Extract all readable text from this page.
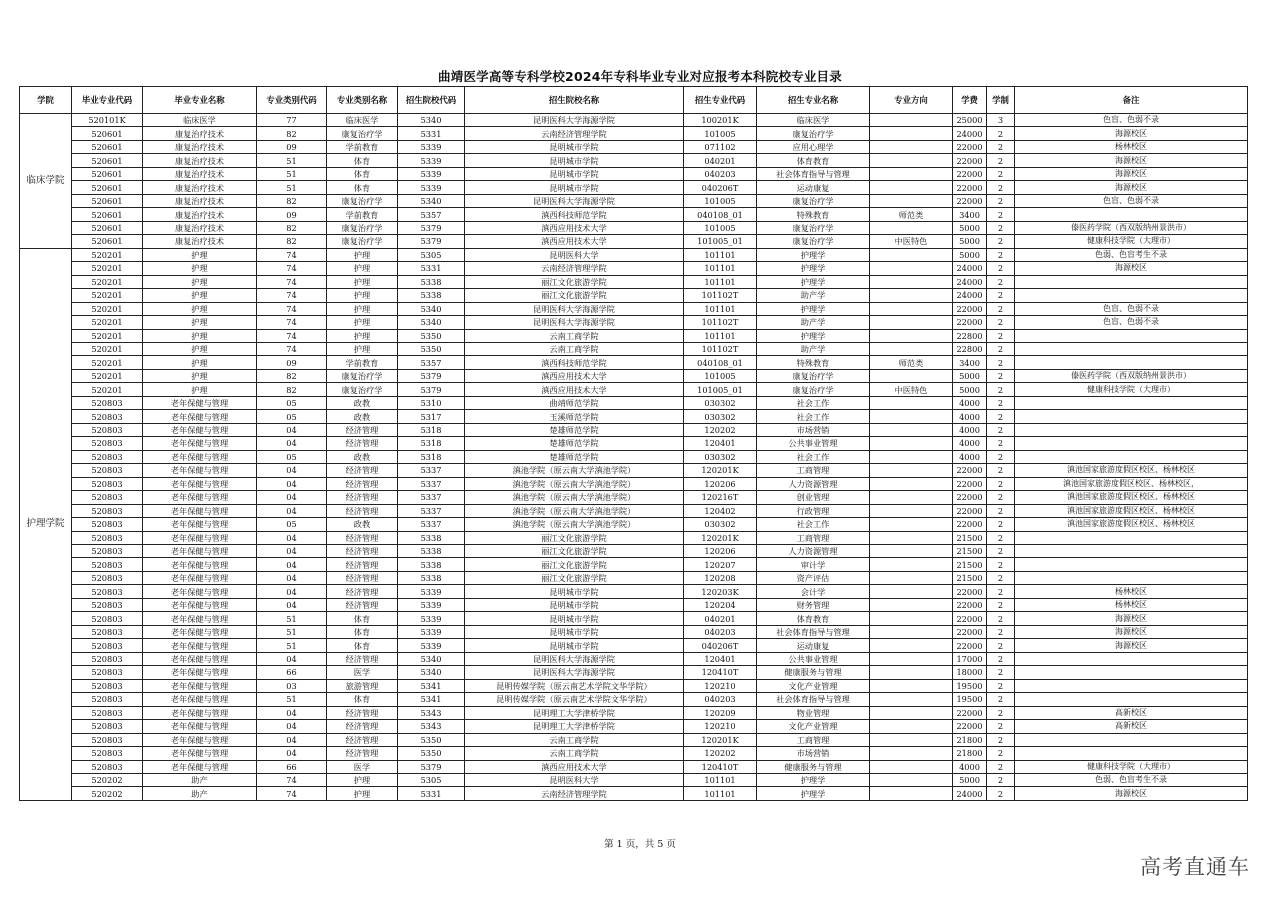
曲靖医学高等专科学校2024年专科毕业专业对应报考本科院校专业目录
学院	毕业专业代码	毕业专业名称	专业类别代码	专业类别名称	招生院校代码	招生院校名称	招生专业代码	招生专业名称	专业方向	学费	学制	备注
临床学院	520101K	临床医学	77	临床医学	5340	昆明医科大学海源学院	100201K	临床医学		25000	3	色盲、色弱不录
	520601	康复治疗技术	82	康复治疗学	5331	云南经济管理学院	101005	康复治疗学		24000	2	海源校区
	520601	康复治疗技术	09	学前教育	5339	昆明城市学院	071102	应用心理学		22000	2	杨林校区
	520601	康复治疗技术	51	体育	5339	昆明城市学院	040201	体育教育		22000	2	海源校区
	520601	康复治疗技术	51	体育	5339	昆明城市学院	040203	社会体育指导与管理		22000	2	海源校区
	520601	康复治疗技术	51	体育	5339	昆明城市学院	040206T	运动康复		22000	2	海源校区
	520601	康复治疗技术	82	康复治疗学	5340	昆明医科大学海源学院	101005	康复治疗学		22000	2	色盲、色弱不录
	520601	康复治疗技术	09	学前教育	5357	滇西科技师范学院	040108_01	特殊教育	师范类	3400	2	
	520601	康复治疗技术	82	康复治疗学	5379	滇西应用技术大学	101005	康复治疗学		5000	2	傣医药学院（西双版纳州景洪市）
	520601	康复治疗技术	82	康复治疗学	5379	滇西应用技术大学	101005_01	康复治疗学	中医特色	5000	2	健康科技学院（大理市）
护理学院	520201	护理	74	护理	5305	昆明医科大学	101101	护理学		5000	2	色弱、色盲考生不录
	520201	护理	74	护理	5331	云南经济管理学院	101101	护理学		24000	2	海源校区
	520201	护理	74	护理	5338	丽江文化旅游学院	101101	护理学		24000	2	
	520201	护理	74	护理	5338	丽江文化旅游学院	101102T	助产学		24000	2	
	520201	护理	74	护理	5340	昆明医科大学海源学院	101101	护理学		22000	2	色盲、色弱不录
	520201	护理	74	护理	5340	昆明医科大学海源学院	101102T	助产学		22000	2	色盲、色弱不录
	520201	护理	74	护理	5350	云南工商学院	101101	护理学		22800	2	
	520201	护理	74	护理	5350	云南工商学院	101102T	助产学		22800	2	
	520201	护理	09	学前教育	5357	滇西科技师范学院	040108_01	特殊教育	师范类	3400	2	
	520201	护理	82	康复治疗学	5379	滇西应用技术大学	101005	康复治疗学		5000	2	傣医药学院（西双版纳州景洪市）
	520201	护理	82	康复治疗学	5379	滇西应用技术大学	101005_01	康复治疗学	中医特色	5000	2	健康科技学院（大理市）
	520803	老年保健与管理	05	政教	5310	曲靖师范学院	030302	社会工作		4000	2	
	520803	老年保健与管理	05	政教	5317	玉溪师范学院	030302	社会工作		4000	2	
	520803	老年保健与管理	04	经济管理	5318	楚雄师范学院	120202	市场营销		4000	2	
	520803	老年保健与管理	04	经济管理	5318	楚雄师范学院	120401	公共事业管理		4000	2	
	520803	老年保健与管理	05	政教	5318	楚雄师范学院	030302	社会工作		4000	2	
	520803	老年保健与管理	04	经济管理	5337	滇池学院（原云南大学滇池学院）	120201K	工商管理		22000	2	滇池国家旅游度假区校区、杨林校区
	520803	老年保健与管理	04	经济管理	5337	滇池学院（原云南大学滇池学院）	120206	人力资源管理		22000	2	滇池国家旅游度假区校区、杨林校区，
	520803	老年保健与管理	04	经济管理	5337	滇池学院（原云南大学滇池学院）	120216T	创业管理		22000	2	滇池国家旅游度假区校区、杨林校区
	520803	老年保健与管理	04	经济管理	5337	滇池学院（原云南大学滇池学院）	120402	行政管理		22000	2	滇池国家旅游度假区校区、杨林校区
	520803	老年保健与管理	05	政教	5337	滇池学院（原云南大学滇池学院）	030302	社会工作		22000	2	滇池国家旅游度假区校区、杨林校区
	520803	老年保健与管理	04	经济管理	5338	丽江文化旅游学院	120201K	工商管理		21500	2	
	520803	老年保健与管理	04	经济管理	5338	丽江文化旅游学院	120206	人力资源管理		21500	2	
	520803	老年保健与管理	04	经济管理	5338	丽江文化旅游学院	120207	审计学		21500	2	
	520803	老年保健与管理	04	经济管理	5338	丽江文化旅游学院	120208	资产评估		21500	2	
	520803	老年保健与管理	04	经济管理	5339	昆明城市学院	120203K	会计学		22000	2	杨林校区
	520803	老年保健与管理	04	经济管理	5339	昆明城市学院	120204	财务管理		22000	2	杨林校区
	520803	老年保健与管理	51	体育	5339	昆明城市学院	040201	体育教育		22000	2	海源校区
	520803	老年保健与管理	51	体育	5339	昆明城市学院	040203	社会体育指导与管理		22000	2	海源校区
	520803	老年保健与管理	51	体育	5339	昆明城市学院	040206T	运动康复		22000	2	海源校区
	520803	老年保健与管理	04	经济管理	5340	昆明医科大学海源学院	120401	公共事业管理		17000	2	
	520803	老年保健与管理	66	医学	5340	昆明医科大学海源学院	120410T	健康服务与管理		18000	2	
	520803	老年保健与管理	03	旅游管理	5341	昆明传媒学院（原云南艺术学院文华学院）	120210	文化产业管理		19500	2	
	520803	老年保健与管理	51	体育	5341	昆明传媒学院（原云南艺术学院文华学院）	040203	社会体育指导与管理		19500	2	
	520803	老年保健与管理	04	经济管理	5343	昆明理工大学津桥学院	120209	物业管理		22000	2	高新校区
	520803	老年保健与管理	04	经济管理	5343	昆明理工大学津桥学院	120210	文化产业管理		22000	2	高新校区
	520803	老年保健与管理	04	经济管理	5350	云南工商学院	120201K	工商管理		21800	2	
	520803	老年保健与管理	04	经济管理	5350	云南工商学院	120202	市场营销		21800	2	
	520803	老年保健与管理	66	医学	5379	滇西应用技术大学	120410T	健康服务与管理		4000	2	健康科技学院（大理市）
	520202	助产	74	护理	5305	昆明医科大学	101101	护理学		5000	2	色弱、色盲考生不录
	520202	助产	74	护理	5331	云南经济管理学院	101101	护理学		24000	2	海源校区
第 1 页，共 5 页
高考直通车
